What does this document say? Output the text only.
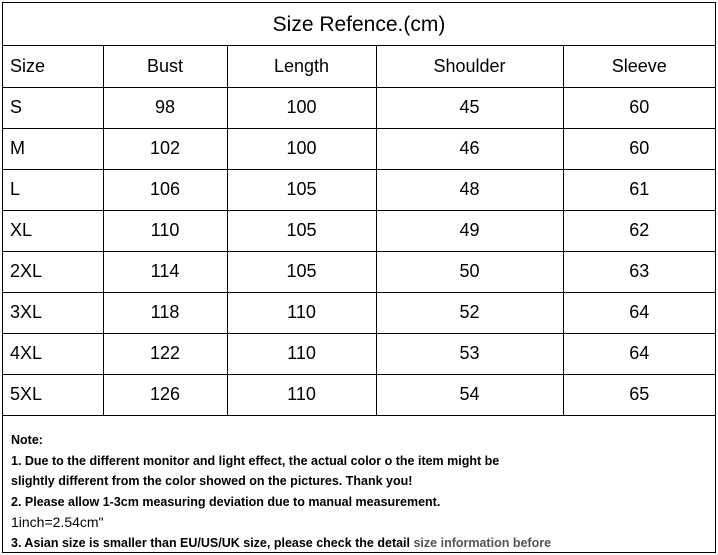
Size Refence.(cm)
Size	Bust	Length	Shoulder	Sleeve
S	98	100	45	60
M	102	100	46	60
L	106	105	48	61
XL	110	105	49	62
2XL	114	105	50	63
3XL	118	110	52	64
4XL	122	110	53	64
5XL	126	110	54	65
Note:
1. Due to the different monitor and light effect, the actual color o the item might be
slightly different from the color showed on the pictures. Thank you!
2. Please allow 1-3cm measuring deviation due to manual measurement.
1inch=2.54cm"
3. Asian size is smaller than EU/US/UK size, please check the detail size information before
